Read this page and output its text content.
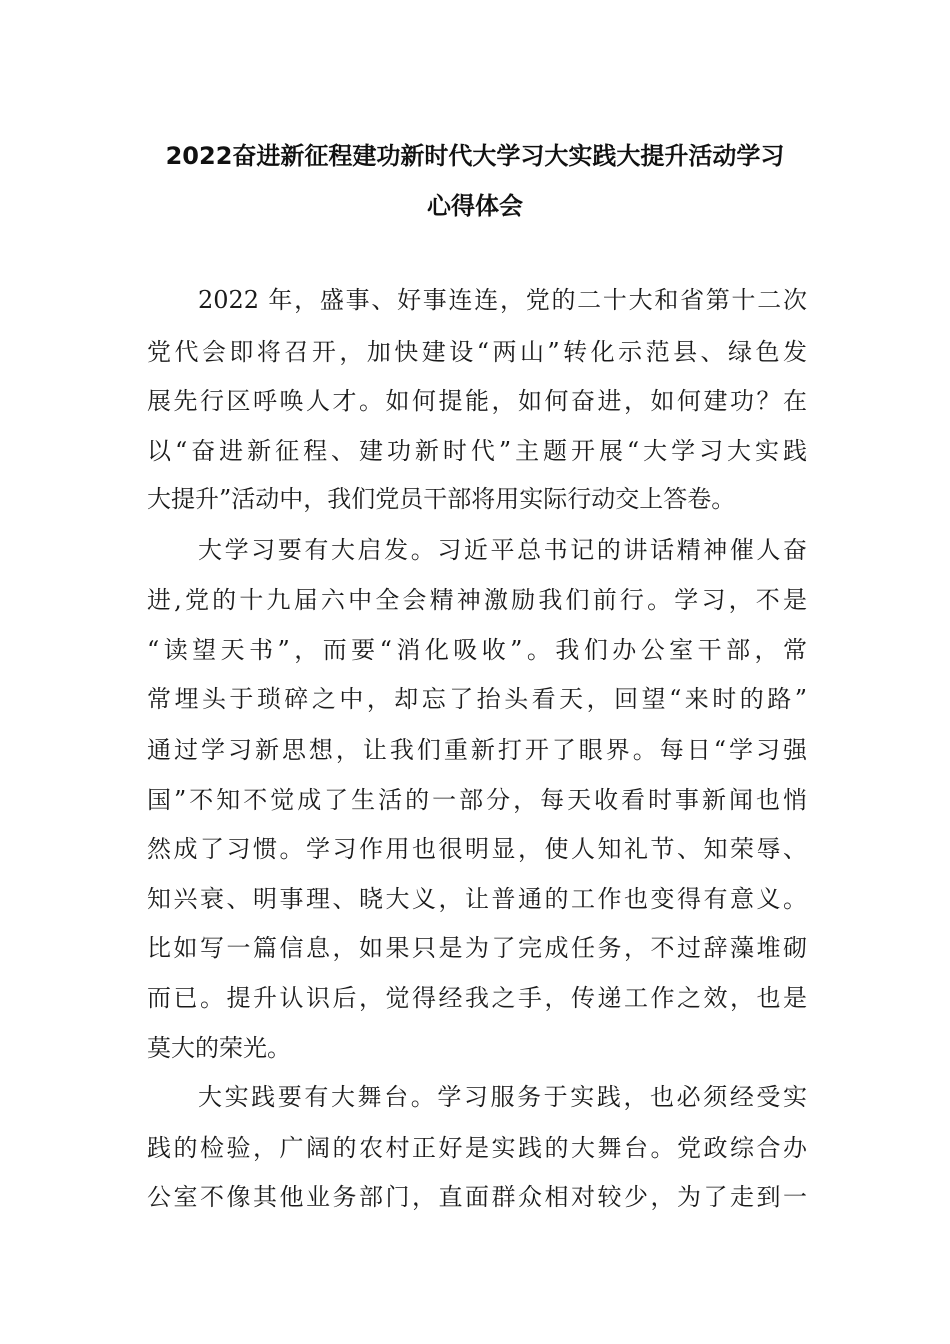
2022奋进新征程建功新时代大学习大实践大提升活动学习
心得体会

2022 年，盛事、好事连连，党的二十大和省第十二次

党代会即将召开，加快建设“两山”转化示范县、绿色发

展先行区呼唤人才。如何提能，如何奋进，如何建功？在

以“奋进新征程、建功新时代”主题开展“大学习大实践

大提升”活动中，我们党员干部将用实际行动交上答卷。

大学习要有大启发。习近平总书记的讲话精神催人奋

进,党的十九届六中全会精神激励我们前行。学习，不是

“读望天书”，而要“消化吸收”。我们办公室干部，常

常埋头于琐碎之中，却忘了抬头看天，回望“来时的路”

通过学习新思想，让我们重新打开了眼界。每日“学习强

国”不知不觉成了生活的一部分，每天收看时事新闻也悄

然成了习惯。学习作用也很明显，使人知礼节、知荣辱、

知兴衰、明事理、晓大义，让普通的工作也变得有意义。

比如写一篇信息，如果只是为了完成任务，不过辞藻堆砌

而已。提升认识后，觉得经我之手，传递工作之效，也是

莫大的荣光。

大实践要有大舞台。学习服务于实践，也必须经受实

践的检验，广阔的农村正好是实践的大舞台。党政综合办

公室不像其他业务部门，直面群众相对较少，为了走到一
